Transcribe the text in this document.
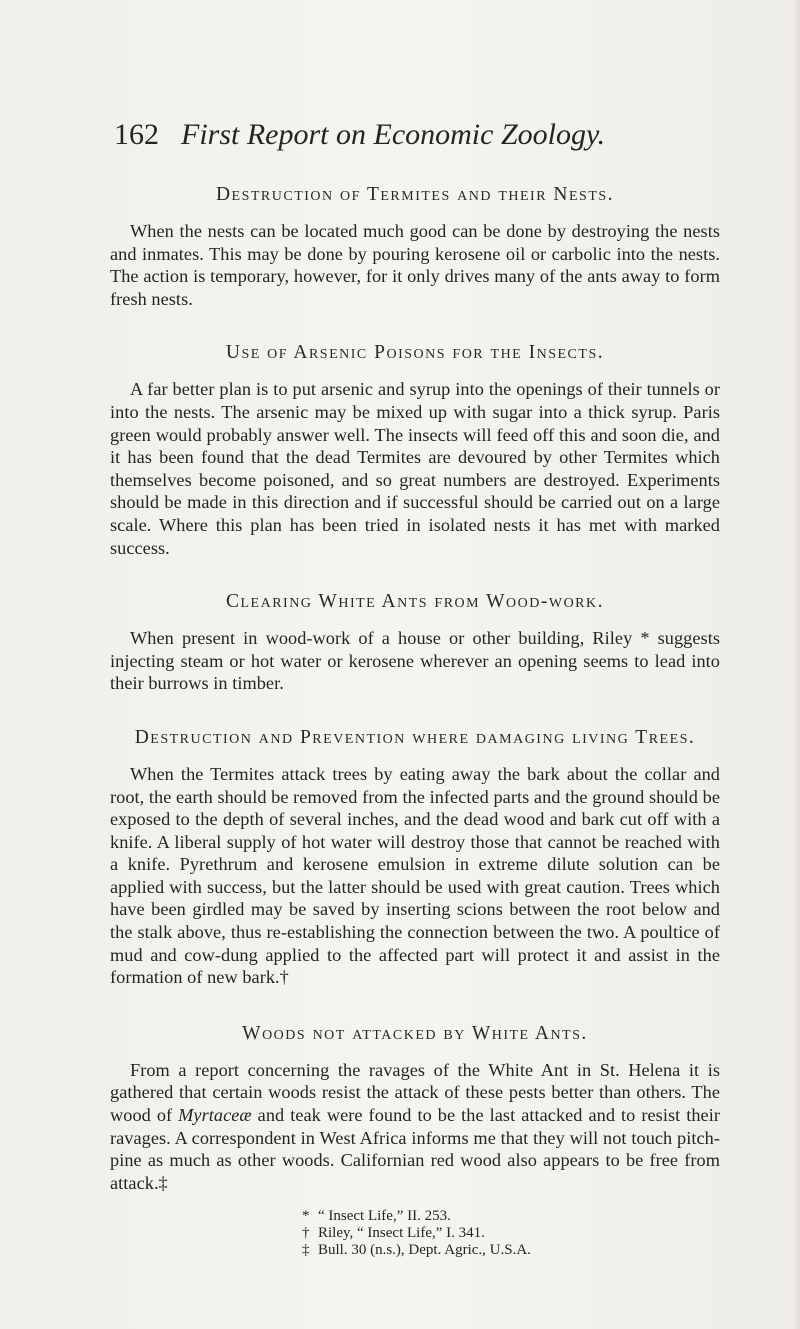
162 First Report on Economic Zoology.
Destruction of Termites and their Nests.

When the nests can be located much good can be done by destroying the nests and inmates. This may be done by pouring kerosene oil or carbolic into the nests. The action is temporary, however, for it only drives many of the ants away to form fresh nests.

Use of Arsenic Poisons for the Insects.

A far better plan is to put arsenic and syrup into the openings of their tunnels or into the nests. The arsenic may be mixed up with sugar into a thick syrup. Paris green would probably answer well. The insects will feed off this and soon die, and it has been found that the dead Termites are devoured by other Termites which themselves become poisoned, and so great numbers are destroyed. Experiments should be made in this direction and if successful should be carried out on a large scale. Where this plan has been tried in isolated nests it has met with marked success.

Clearing White Ants from Wood-work.

When present in wood-work of a house or other building, Riley * suggests injecting steam or hot water or kerosene wherever an opening seems to lead into their burrows in timber.

Destruction and Prevention where damaging living Trees.

When the Termites attack trees by eating away the bark about the collar and root, the earth should be removed from the infected parts and the ground should be exposed to the depth of several inches, and the dead wood and bark cut off with a knife. A liberal supply of hot water will destroy those that cannot be reached with a knife. Pyrethrum and kerosene emulsion in extreme dilute solution can be applied with success, but the latter should be used with great caution. Trees which have been girdled may be saved by inserting scions between the root below and the stalk above, thus re-establishing the connection between the two. A poultice of mud and cow-dung applied to the affected part will protect it and assist in the formation of new bark.†

Woods not attacked by White Ants.

From a report concerning the ravages of the White Ant in St. Helena it is gathered that certain woods resist the attack of these pests better than others. The wood of Myrtaceæ and teak were found to be the last attacked and to resist their ravages. A correspondent in West Africa informs me that they will not touch pitch-pine as much as other woods. Californian red wood also appears to be free from attack.‡

* “ Insect Life,” II. 253.
† Riley, “ Insect Life,” I. 341.
‡ Bull. 30 (n.s.), Dept. Agric., U.S.A.
